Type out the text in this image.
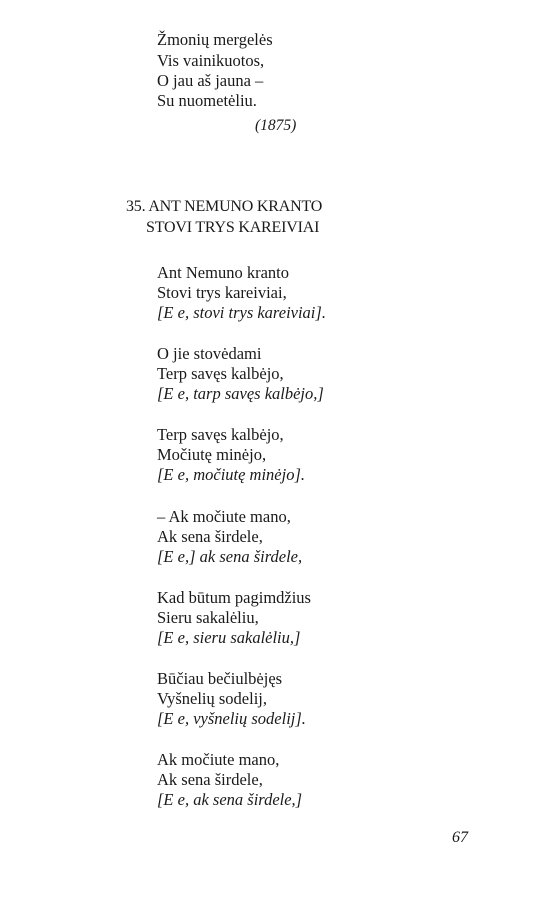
Žmonių mergelės
Vis vainikuotos,
O jau aš jauna –
Su nuometėliu.
(1875)
35. ANT NEMUNO KRANTO
STOVI TRYS KAREIVIAI
Ant Nemuno kranto
Stovi trys kareiviai,
[E e, stovi trys kareiviai].
O jie stovėdami
Terp savęs kalbėjo,
[E e, tarp savęs kalbėjo,]
Terp savęs kalbėjo,
Močiutę minėjo,
[E e, močiutę minėjo].
– Ak močiute mano,
Ak sena širdele,
[E e,] ak sena širdele,
Kad būtum pagimdžius
Sieru sakalėliu,
[E e, sieru sakalėliu,]
Būčiau bečiulbėjęs
Vyšnelių sodelij,
[E e, vyšnelių sodelij].
Ak močiute mano,
Ak sena širdele,
[E e, ak sena širdele,]
67
